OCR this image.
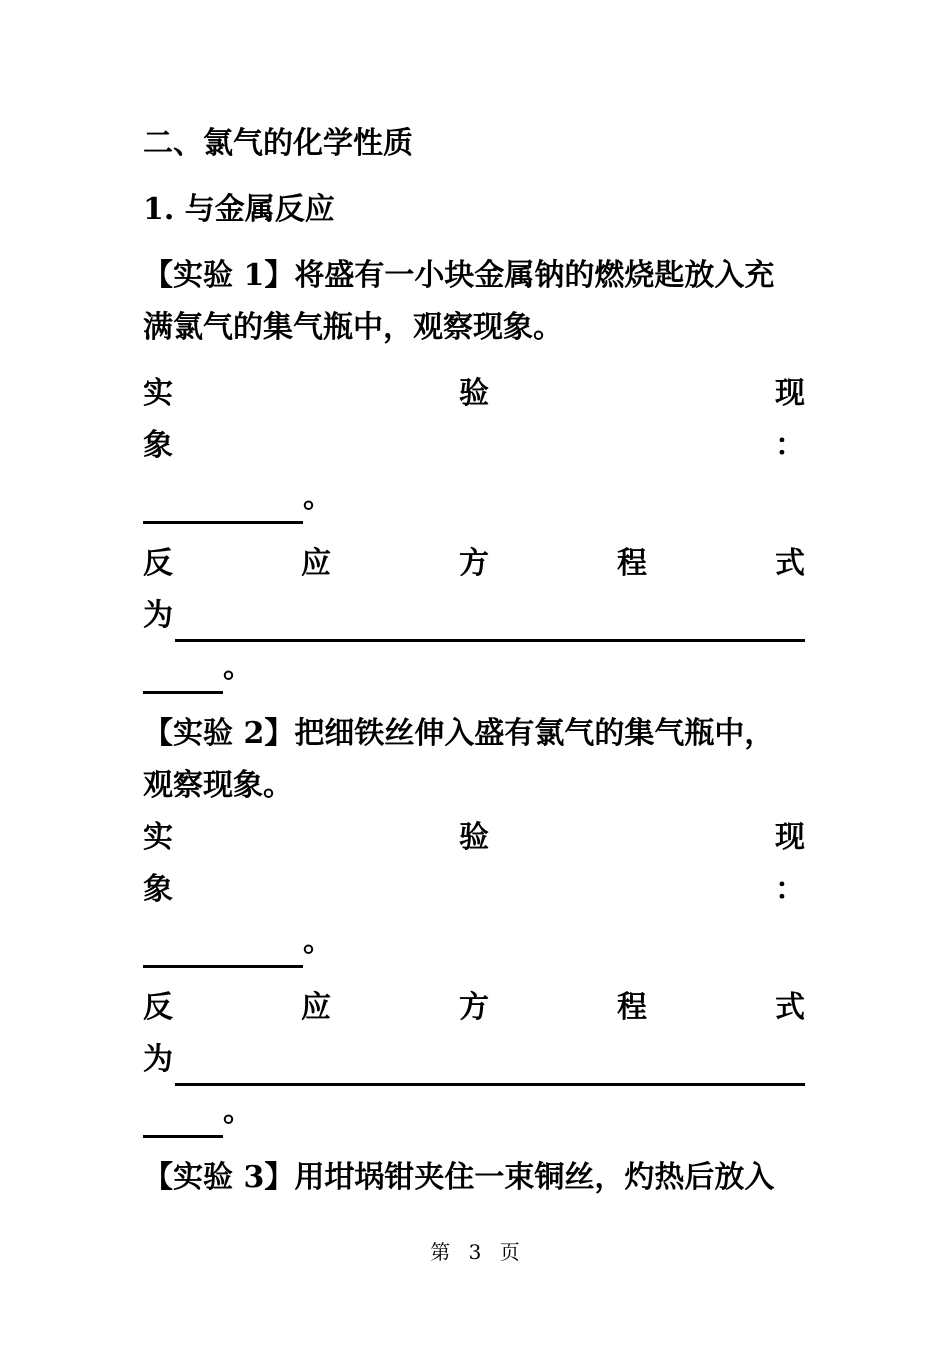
二、氯气的化学性质
1. 与金属反应
【实验 1】将盛有一小块金属钠的燃烧匙放入充
满氯气的集气瓶中，观察现象。
实	验	现
象	：
。
反	应	方	程	式
为
。
【实验 2】把细铁丝伸入盛有氯气的集气瓶中，
观察现象。
实	验	现
象	：
。
反	应	方	程	式
为
。
【实验 3】用坩埚钳夹住一束铜丝，灼热后放入
第 3 页
